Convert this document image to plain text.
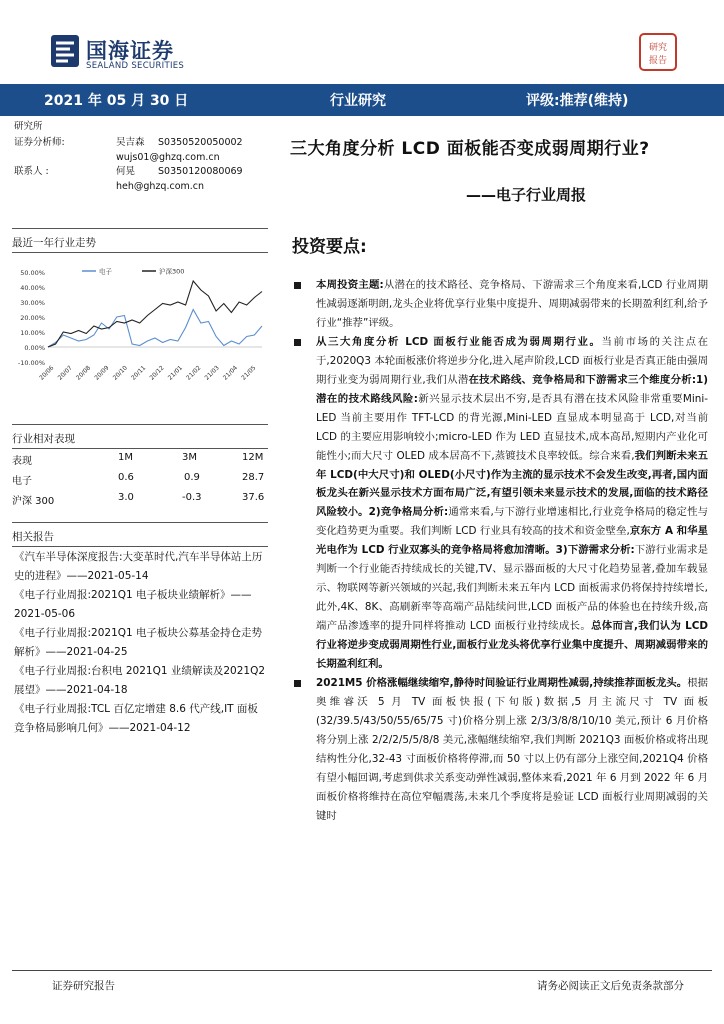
国海证券
SEALAND SECURITIES
研究
报告
2021 年 05 月 30 日	行业研究	评级:推荐(维持)
研究所
证券分析师:	吴吉森 S0350520050002
wujs01@ghzq.com.cn
联系人 :	何晃 S0350120080069
heh@ghzq.com.cn
三大角度分析 LCD 面板能否变成弱周期行业?
——电子行业周报
最近一年行业走势
50.00%
40.00%
30.00%
20.00%
10.00%
0.00%
-10.00%
20/06 20/07 20/08 20/09 20/10 20/11 20/12 21/01 21/02 21/03 21/04 21/05
电子	沪深300
行业相对表现
表现	1M	3M	12M
电子	0.6	0.9	28.7
沪深 300	3.0	-0.3	37.6
相关报告

《汽车半导体深度报告:大变革时代,汽车半导体站上历史的进程》——2021-05-14

《电子行业周报:2021Q1 电子板块业绩解析》——2021-05-06

《电子行业周报:2021Q1 电子板块公募基金持仓走势解析》——2021-04-25

《电子行业周报:台积电 2021Q1 业绩解读及2021Q2 展望》——2021-04-18

《电子行业周报:TCL 百亿定增建 8.6 代产线,IT 面板竞争格局影响几何》——2021-04-12

投资要点:

本周投资主题:从潜在的技术路径、竞争格局、下游需求三个角度来看,LCD 行业周期性减弱逐渐明朗,龙头企业将优享行业集中度提升、周期减弱带来的长期盈利红利,给予行业“推荐”评级。

从三大角度分析 LCD 面板行业能否成为弱周期行业。当前市场的关注点在于,2020Q3 本轮面板涨价将逆步分化,进入尾声阶段,LCD 面板行业是否真正能由强周期行业变为弱周期行业,我们从潜在技术路线、竞争格局和下游需求三个维度分析:1)潜在的技术路线风险:新兴显示技术层出不穷,是否具有潜在技术风险非常重要Mini-LED 当前主要用作 TFT-LCD 的背光源,Mini-LED 直显成本明显高于 LCD,对当前 LCD 的主要应用影响较小;micro-LED 作为 LED 直显技术,成本高昂,短期内产业化可能性小;而大尺寸 OLED 成本居高不下,蒸镀技术良率较低。综合来看,我们判断未来五年 LCD(中大尺寸)和 OLED(小尺寸)作为主流的显示技术不会发生改变,再者,国内面板龙头在新兴显示技术方面布局广泛,有望引领未来显示技术的发展,面临的技术路径风险较小。2)竞争格局分析:通常来看,与下游行业增速相比,行业竞争格局的稳定性与变化趋势更为重要。我们判断 LCD 行业具有较高的技术和资金壁垒,京东方 A 和华星光电作为 LCD 行业双寡头的竞争格局将愈加清晰。3)下游需求分析:下游行业需求是判断一个行业能否持续成长的关键,TV、显示器面板的大尺寸化趋势显著,叠加车载显示、物联网等新兴领域的兴起,我们判断未来五年内 LCD 面板需求仍将保持持续增长,此外,4K、8K、高刷新率等高端产品陆续问世,LCD 面板产品的体验也在持续升级,高端产品渗透率的提升同样将推动 LCD 面板行业持续成长。总体而言,我们认为 LCD 行业将逆步变成弱周期性行业,面板行业龙头将优享行业集中度提升、周期减弱带来的长期盈利红利。

2021M5 价格涨幅继续缩窄,静待时间验证行业周期性减弱,持续推荐面板龙头。根据奥维睿沃 5 月 TV 面板快报(下旬版)数据,5 月主流尺寸 TV 面板(32/39.5/43/50/55/65/75 寸)价格分别上涨 2/3/3/8/8/10/10 美元,预计 6 月价格将分别上涨 2/2/2/5/5/8/8 美元,涨幅继续缩窄,我们判断 2021Q3 面板价格或将出现结构性分化,32-43 寸面板价格将停滞,而 50 寸以上仍有部分上涨空间,2021Q4 价格有望小幅回调,考虑到供求关系变动弹性减弱,整体来看,2021 年 6 月到 2022 年 6 月面板价格将维持在高位窄幅震荡,未来几个季度将是验证 LCD 面板行业周期减弱的关键时

证券研究报告	请务必阅读正文后免责条款部分
